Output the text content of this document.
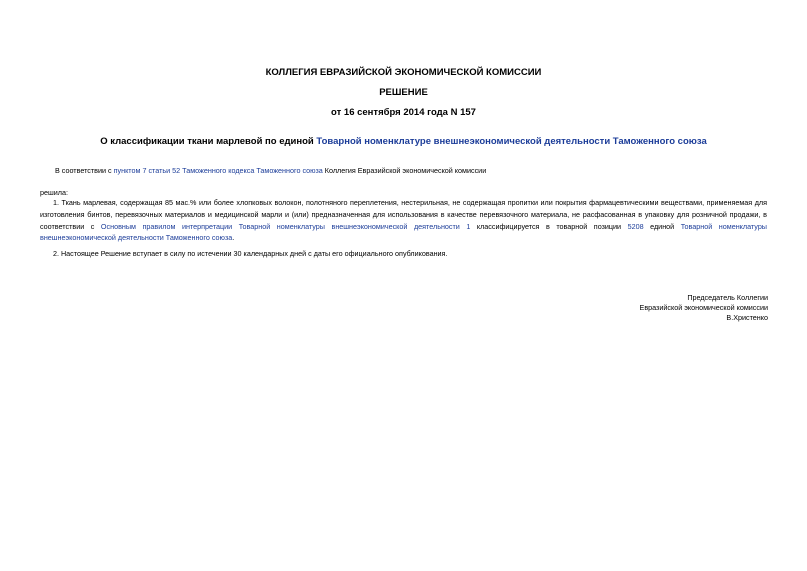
КОЛЛЕГИЯ ЕВРАЗИЙСКОЙ ЭКОНОМИЧЕСКОЙ КОМИССИИ
РЕШЕНИЕ
от 16 сентября 2014 года N 157
О классификации ткани марлевой по единой Товарной номенклатуре внешнеэкономической деятельности Таможенного союза
В соответствии с пунктом 7 статьи 52 Таможенного кодекса Таможенного союза Коллегия Евразийской экономической комиссии
решила:
1. Ткань марлевая, содержащая 85 мас.% или более хлопковых волокон, полотняного переплетения, нестерильная, не содержащая пропитки или покрытия фармацевтическими веществами, применяемая для изготовления бинтов, перевязочных материалов и медицинской марли и (или) предназначенная для использования в качестве перевязочного материала, не расфасованная в упаковку для розничной продажи, в соответствии с Основным правилом интерпретации Товарной номенклатуры внешнеэкономической деятельности 1 классифицируется в товарной позиции 5208 единой Товарной номенклатуры внешнеэкономической деятельности Таможенного союза.
2. Настоящее Решение вступает в силу по истечении 30 календарных дней с даты его официального опубликования.
Председатель Коллегии
Евразийской экономической комиссии
В.Христенко
